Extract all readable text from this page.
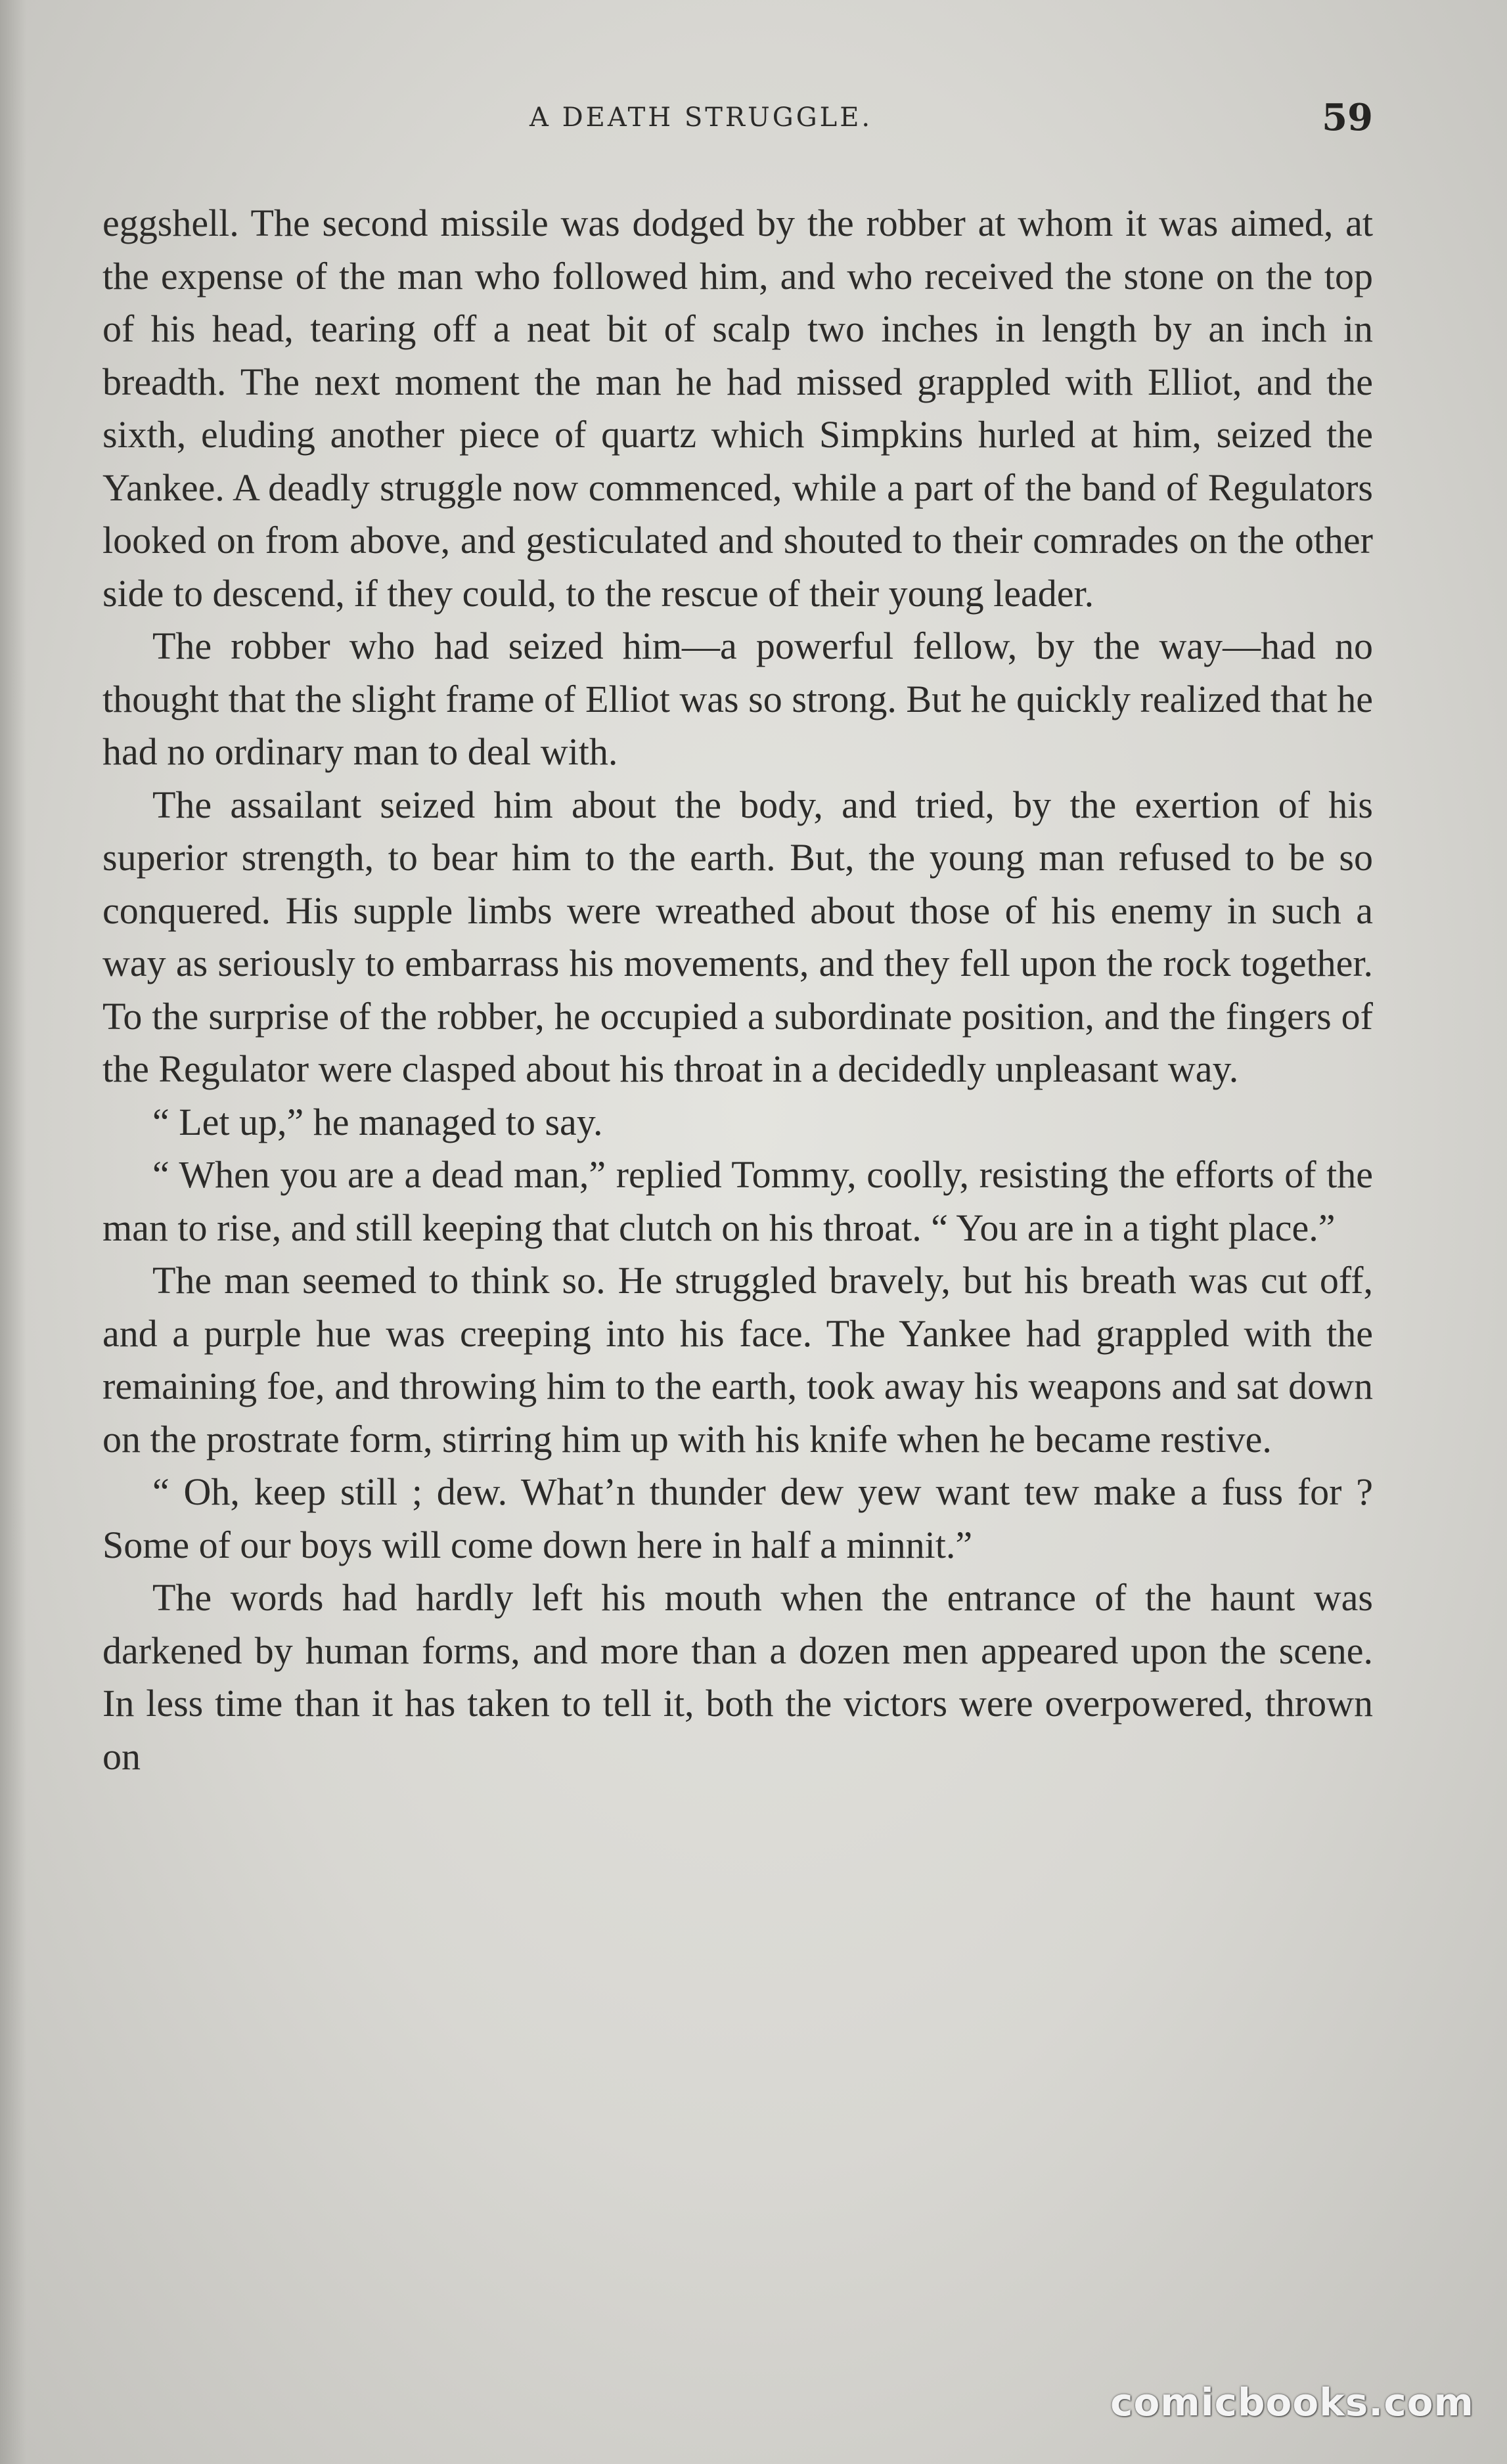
A DEATH STRUGGLE.	59

eggshell. The second missile was dodged by the robber at whom it was aimed, at the expense of the man who followed him, and who received the stone on the top of his head, tearing off a neat bit of scalp two inches in length by an inch in breadth. The next moment the man he had missed grappled with Elliot, and the sixth, eluding another piece of quartz which Simpkins hurled at him, seized the Yankee. A deadly struggle now commenced, while a part of the band of Regulators looked on from above, and gesticulated and shouted to their comrades on the other side to descend, if they could, to the rescue of their young leader.

The robber who had seized him—a powerful fellow, by the way—had no thought that the slight frame of Elliot was so strong. But he quickly realized that he had no ordinary man to deal with.

The assailant seized him about the body, and tried, by the exertion of his superior strength, to bear him to the earth. But, the young man refused to be so conquered. His supple limbs were wreathed about those of his enemy in such a way as seriously to embarrass his movements, and they fell upon the rock together. To the surprise of the robber, he occupied a subordinate position, and the fingers of the Regulator were clasped about his throat in a decidedly unpleasant way.

“ Let up,” he managed to say.

“ When you are a dead man,” replied Tommy, coolly, resisting the efforts of the man to rise, and still keeping that clutch on his throat. “ You are in a tight place.”

The man seemed to think so. He struggled bravely, but his breath was cut off, and a purple hue was creeping into his face. The Yankee had grappled with the remaining foe, and throwing him to the earth, took away his weapons and sat down on the prostrate form, stirring him up with his knife when he became restive.

“ Oh, keep still ; dew. What’n thunder dew yew want tew make a fuss for ? Some of our boys will come down here in half a minnit.”

The words had hardly left his mouth when the entrance of the haunt was darkened by human forms, and more than a dozen men appeared upon the scene. In less time than it has taken to tell it, both the victors were overpowered, thrown on

comicbooks.com
